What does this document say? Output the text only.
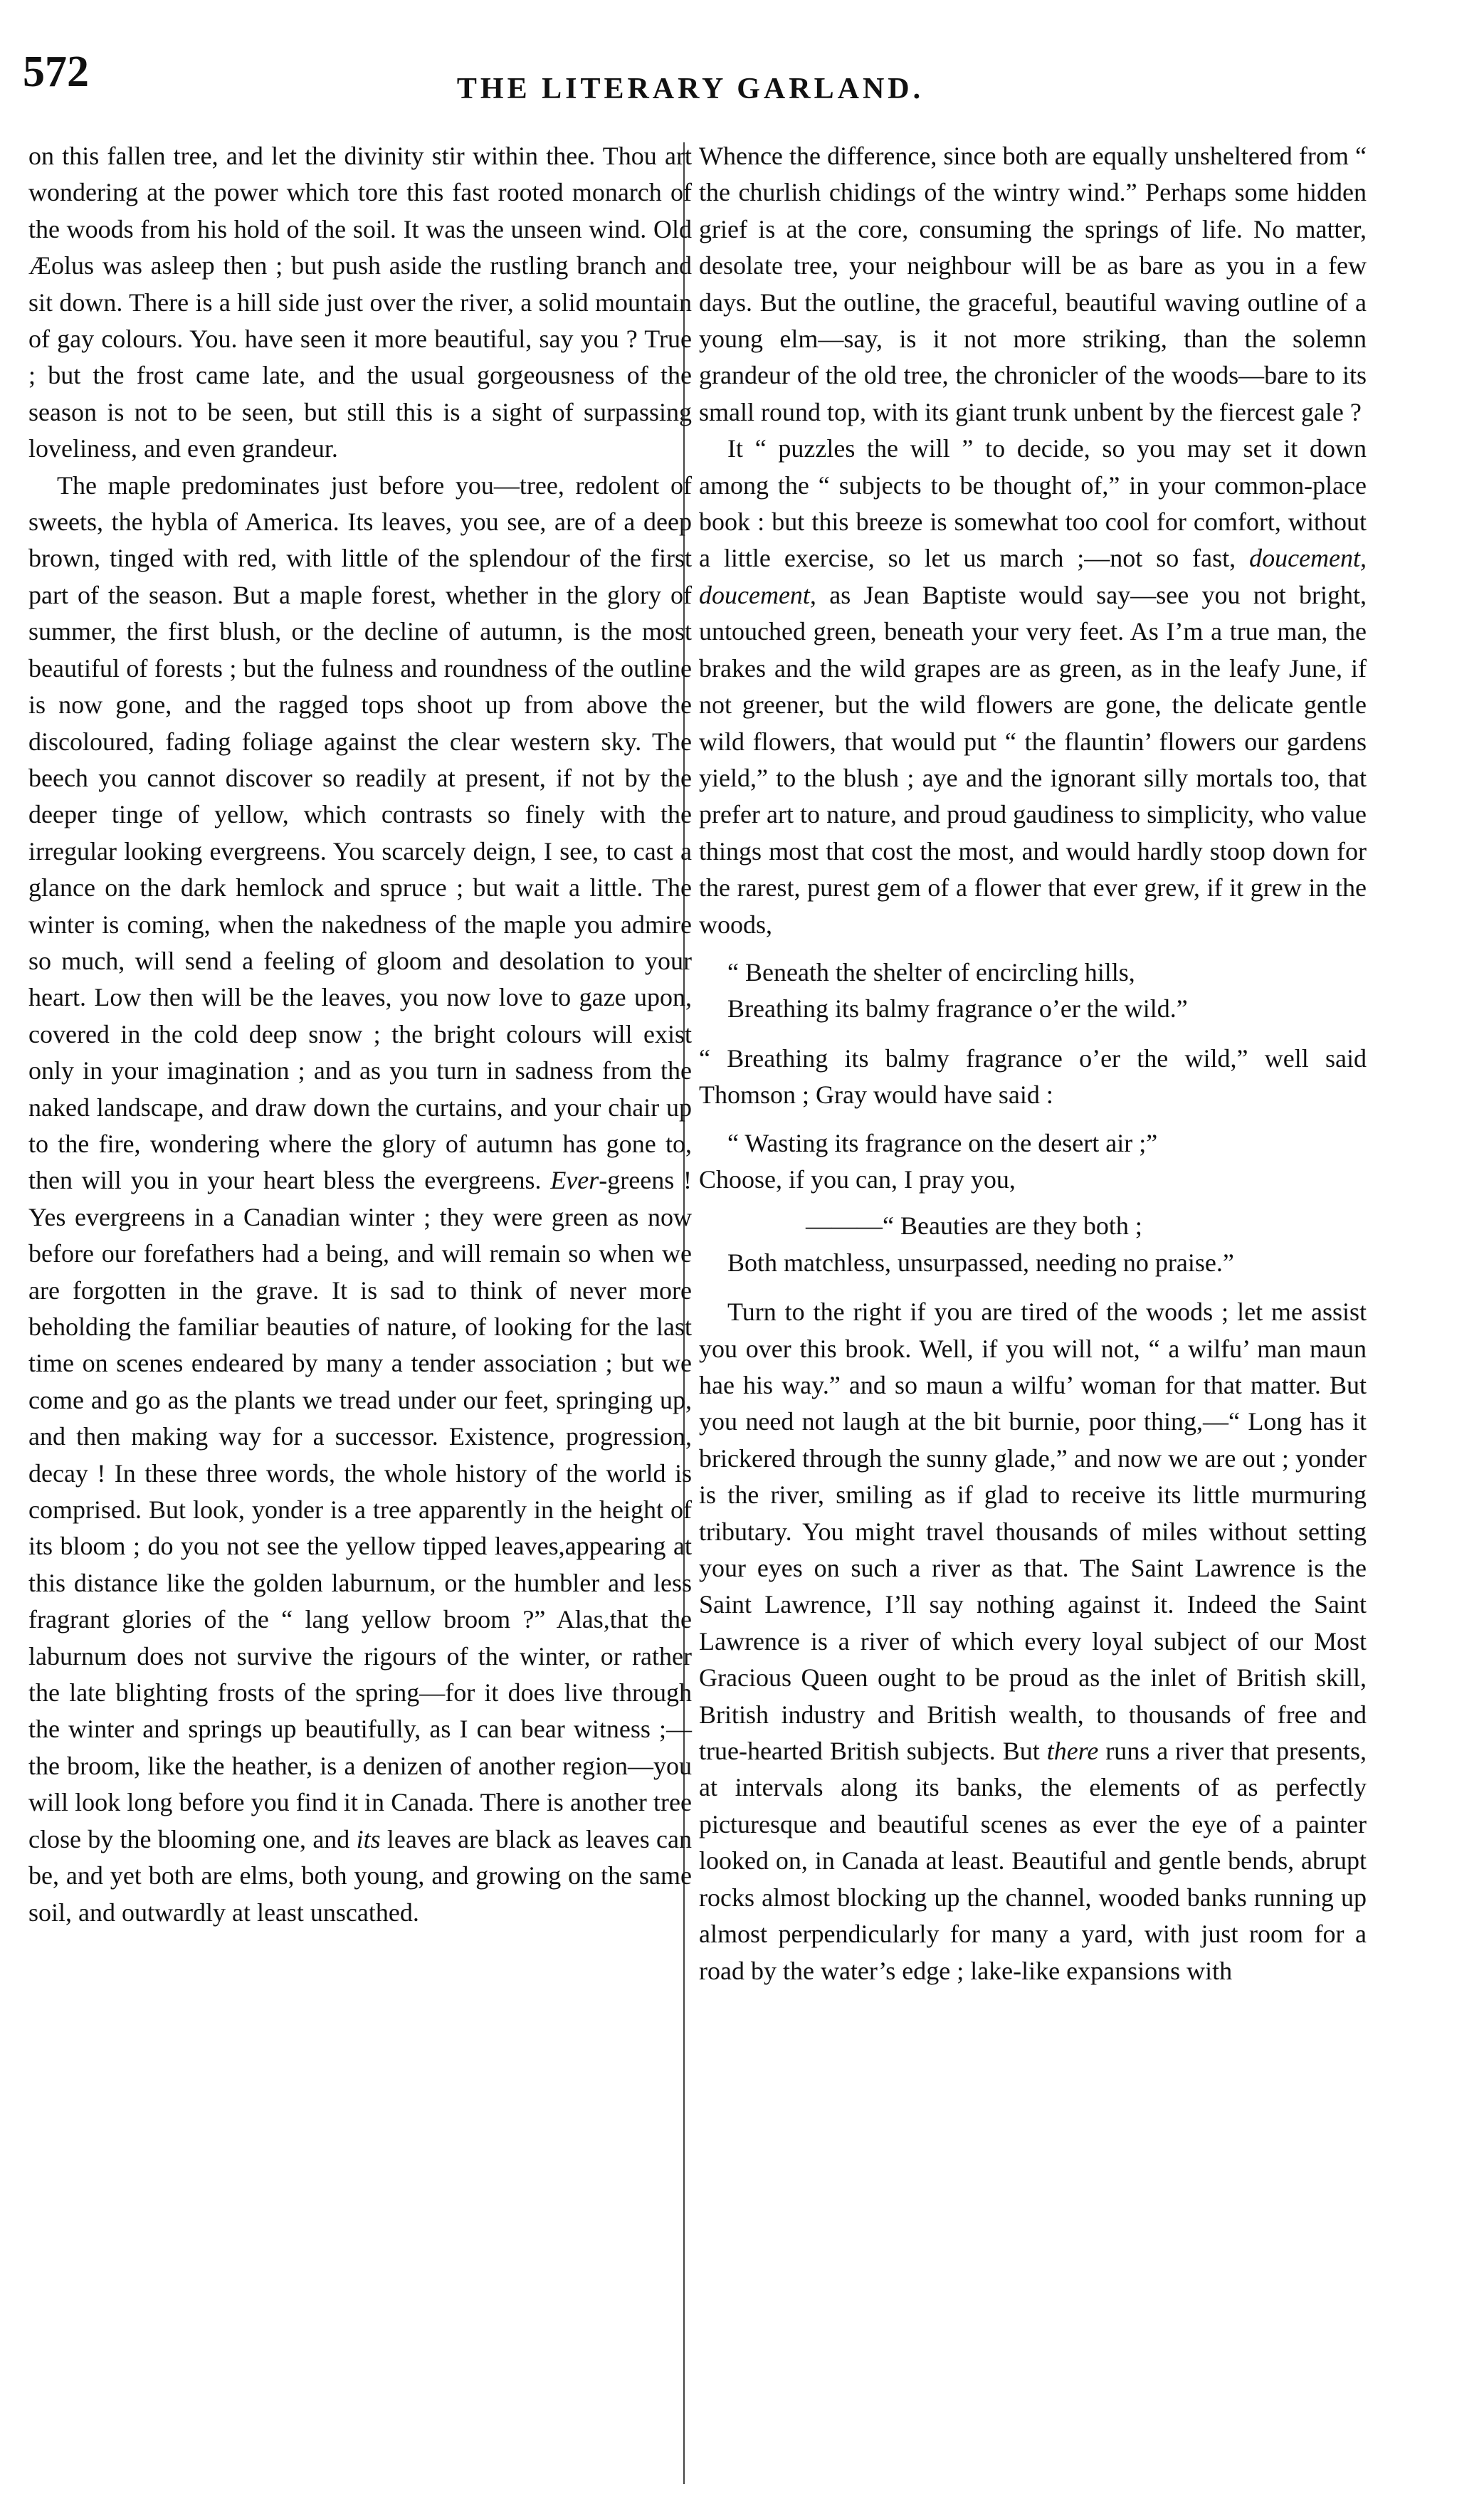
572	THE LITERARY GARLAND.

on this fallen tree, and let the divinity stir within thee. Thou art wondering at the power which tore this fast rooted monarch of the woods from his hold of the soil. It was the unseen wind. Old Æolus was asleep then ; but push aside the rustling branch and sit down. There is a hill side just over the river, a solid mountain of gay colours. You. have seen it more beautiful, say you ? True ; but the frost came late, and the usual gorgeousness of the season is not to be seen, but still this is a sight of surpassing loveliness, and even grandeur.

The maple predominates just before you—tree, redolent of sweets, the hybla of America. Its leaves, you see, are of a deep brown, tinged with red, with little of the splendour of the first part of the season. But a maple forest, whether in the glory of summer, the first blush, or the decline of autumn, is the most beautiful of forests ; but the fulness and roundness of the outline is now gone, and the ragged tops shoot up from above the discoloured, fading foliage against the clear western sky. The beech you cannot discover so readily at present, if not by the deeper tinge of yellow, which contrasts so finely with the irregular looking evergreens. You scarcely deign, I see, to cast a glance on the dark hemlock and spruce ; but wait a little. The winter is coming, when the nakedness of the maple you admire so much, will send a feeling of gloom and desolation to your heart. Low then will be the leaves, you now love to gaze upon, covered in the cold deep snow ; the bright colours will exist only in your imagination ; and as you turn in sadness from the naked landscape, and draw down the curtains, and your chair up to the fire, wondering where the glory of autumn has gone to, then will you in your heart bless the evergreens. Ever-greens ! Yes evergreens in a Canadian winter ; they were green as now before our forefathers had a being, and will remain so when we are forgotten in the grave. It is sad to think of never more beholding the familiar beauties of nature, of looking for the last time on scenes endeared by many a tender association ; but we come and go as the plants we tread under our feet, springing up, and then making way for a successor. Existence, progression, decay ! In these three words, the whole history of the world is comprised. But look, yonder is a tree apparently in the height of its bloom ; do you not see the yellow tipped leaves,appearing at this distance like the golden laburnum, or the humbler and less fragrant glories of the “ lang yellow broom ?” Alas,that the laburnum does not survive the rigours of the winter, or rather the late blighting frosts of the spring—for it does live through the winter and springs up beautifully, as I can bear witness ;—the broom, like the heather, is a denizen of another region—you will look long before you find it in Canada. There is another tree close by the blooming one, and its leaves are black as leaves can be, and yet both are elms, both young, and growing on the same soil, and outwardly at least unscathed.

Whence the difference, since both are equally unsheltered from “ the churlish chidings of the wintry wind.” Perhaps some hidden grief is at the core, consuming the springs of life. No matter, desolate tree, your neighbour will be as bare as you in a few days. But the outline, the graceful, beautiful waving outline of a young elm—say, is it not more striking, than the solemn grandeur of the old tree, the chronicler of the woods—bare to its small round top, with its giant trunk unbent by the fiercest gale ?

It “ puzzles the will ” to decide, so you may set it down among the “ subjects to be thought of,” in your common-place book : but this breeze is somewhat too cool for comfort, without a little exercise, so let us march ;—not so fast, doucement, doucement, as Jean Baptiste would say—see you not bright, untouched green, beneath your very feet. As I’m a true man, the brakes and the wild grapes are as green, as in the leafy June, if not greener, but the wild flowers are gone, the delicate gentle wild flowers, that would put “ the flauntin’ flowers our gardens yield,” to the blush ; aye and the ignorant silly mortals too, that prefer art to nature, and proud gaudiness to simplicity, who value things most that cost the most, and would hardly stoop down for the rarest, purest gem of a flower that ever grew, if it grew in the woods,

“ Beneath the shelter of encircling hills,

Breathing its balmy fragrance o’er the wild.”

“ Breathing its balmy fragrance o’er the wild,” well said Thomson ; Gray would have said :

“ Wasting its fragrance on the desert air ;”

Choose, if you can, I pray you,

———“ Beauties are they both ;

Both matchless, unsurpassed, needing no praise.”

Turn to the right if you are tired of the woods ; let me assist you over this brook. Well, if you will not, “ a wilfu’ man maun hae his way.” and so maun a wilfu’ woman for that matter. But you need not laugh at the bit burnie, poor thing,—“ Long has it brickered through the sunny glade,” and now we are out ; yonder is the river, smiling as if glad to receive its little murmuring tributary. You might travel thousands of miles without setting your eyes on such a river as that. The Saint Lawrence is the Saint Lawrence, I’ll say nothing against it. Indeed the Saint Lawrence is a river of which every loyal subject of our Most Gracious Queen ought to be proud as the inlet of British skill, British industry and British wealth, to thousands of free and true-hearted British subjects. But there runs a river that presents, at intervals along its banks, the elements of as perfectly picturesque and beautiful scenes as ever the eye of a painter looked on, in Canada at least. Beautiful and gentle bends, abrupt rocks almost blocking up the channel, wooded banks running up almost perpendicularly for many a yard, with just room for a road by the water’s edge ; lake-like expansions with
